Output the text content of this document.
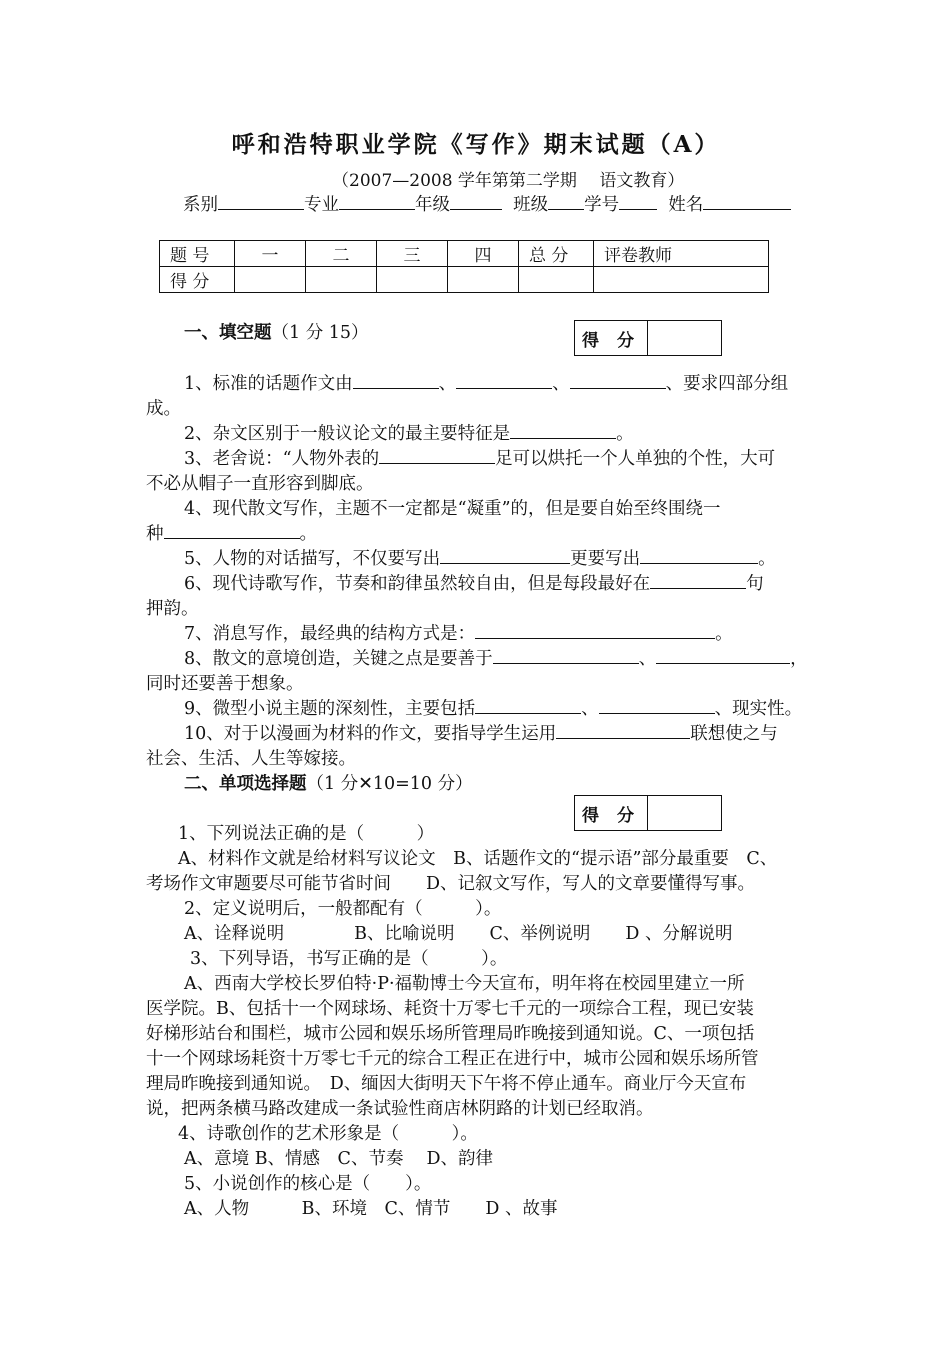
呼和浩特职业学院《写作》期末试题（A）
（2007—2008 学年第第二学期　 语文教育）
系别	专业	年级	班级 学号	姓名
题 号	一	二	三	四	总 分	评卷教师
得 分						
一、填空题（1 分 15）	得 分
1、标准的话题作文由	、	、	、要求四部分组
成。
2、杂文区别于一般议论文的最主要特征是	。
3、老舍说：“人物外表的	足可以烘托一个人单独的个性，大可
不必从帽子一直形容到脚底。
4、现代散文写作，主题不一定都是“凝重”的，但是要自始至终围绕一
种	。
5、人物的对话描写，不仅要写出	更要写出	。
6、现代诗歌写作，节奏和韵律虽然较自由，但是每段最好在	句
押韵。
7、消息写作，最经典的结构方式是：	。
8、散文的意境创造，关键之点是要善于	、	，
同时还要善于想象。
9、微型小说主题的深刻性，主要包括	、	、现实性。
10、对于以漫画为材料的作文，要指导学生运用	联想使之与
社会、生活、人生等嫁接。
二、单项选择题（1 分✕10=10 分）
得 分
1、下列说法正确的是（　　　）
A、材料作文就是给材料写议论文　B、话题作文的“提示语”部分最重要　C、
考场作文审题要尽可能节省时间　　D、记叙文写作，写人的文章要懂得写事。
2、定义说明后，一般都配有（　　　）。
A、诠释说明　　　　B、比喻说明　　C、举例说明　　D 、分解说明
3、下列导语，书写正确的是（　　　）。
A、西南大学校长罗伯特·P·福勒博士今天宣布，明年将在校园里建立一所
医学院。B、包括十一个网球场、耗资十万零七千元的一项综合工程，现已安装
好梯形站台和围栏，城市公园和娱乐场所管理局昨晚接到通知说。C、一项包括
十一个网球场耗资十万零七千元的综合工程正在进行中，城市公园和娱乐场所管
理局昨晚接到通知说。　D、缅因大街明天下午将不停止通车。商业厅今天宣布
说，把两条横马路改建成一条试验性商店林阴路的计划已经取消。
4、诗歌创作的艺术形象是（　　　）。
A、意境 B、情感　C、节奏　 D、韵律
5、小说创作的核心是（　　）。
A、人物　　　B、环境　C、情节　　D 、故事
